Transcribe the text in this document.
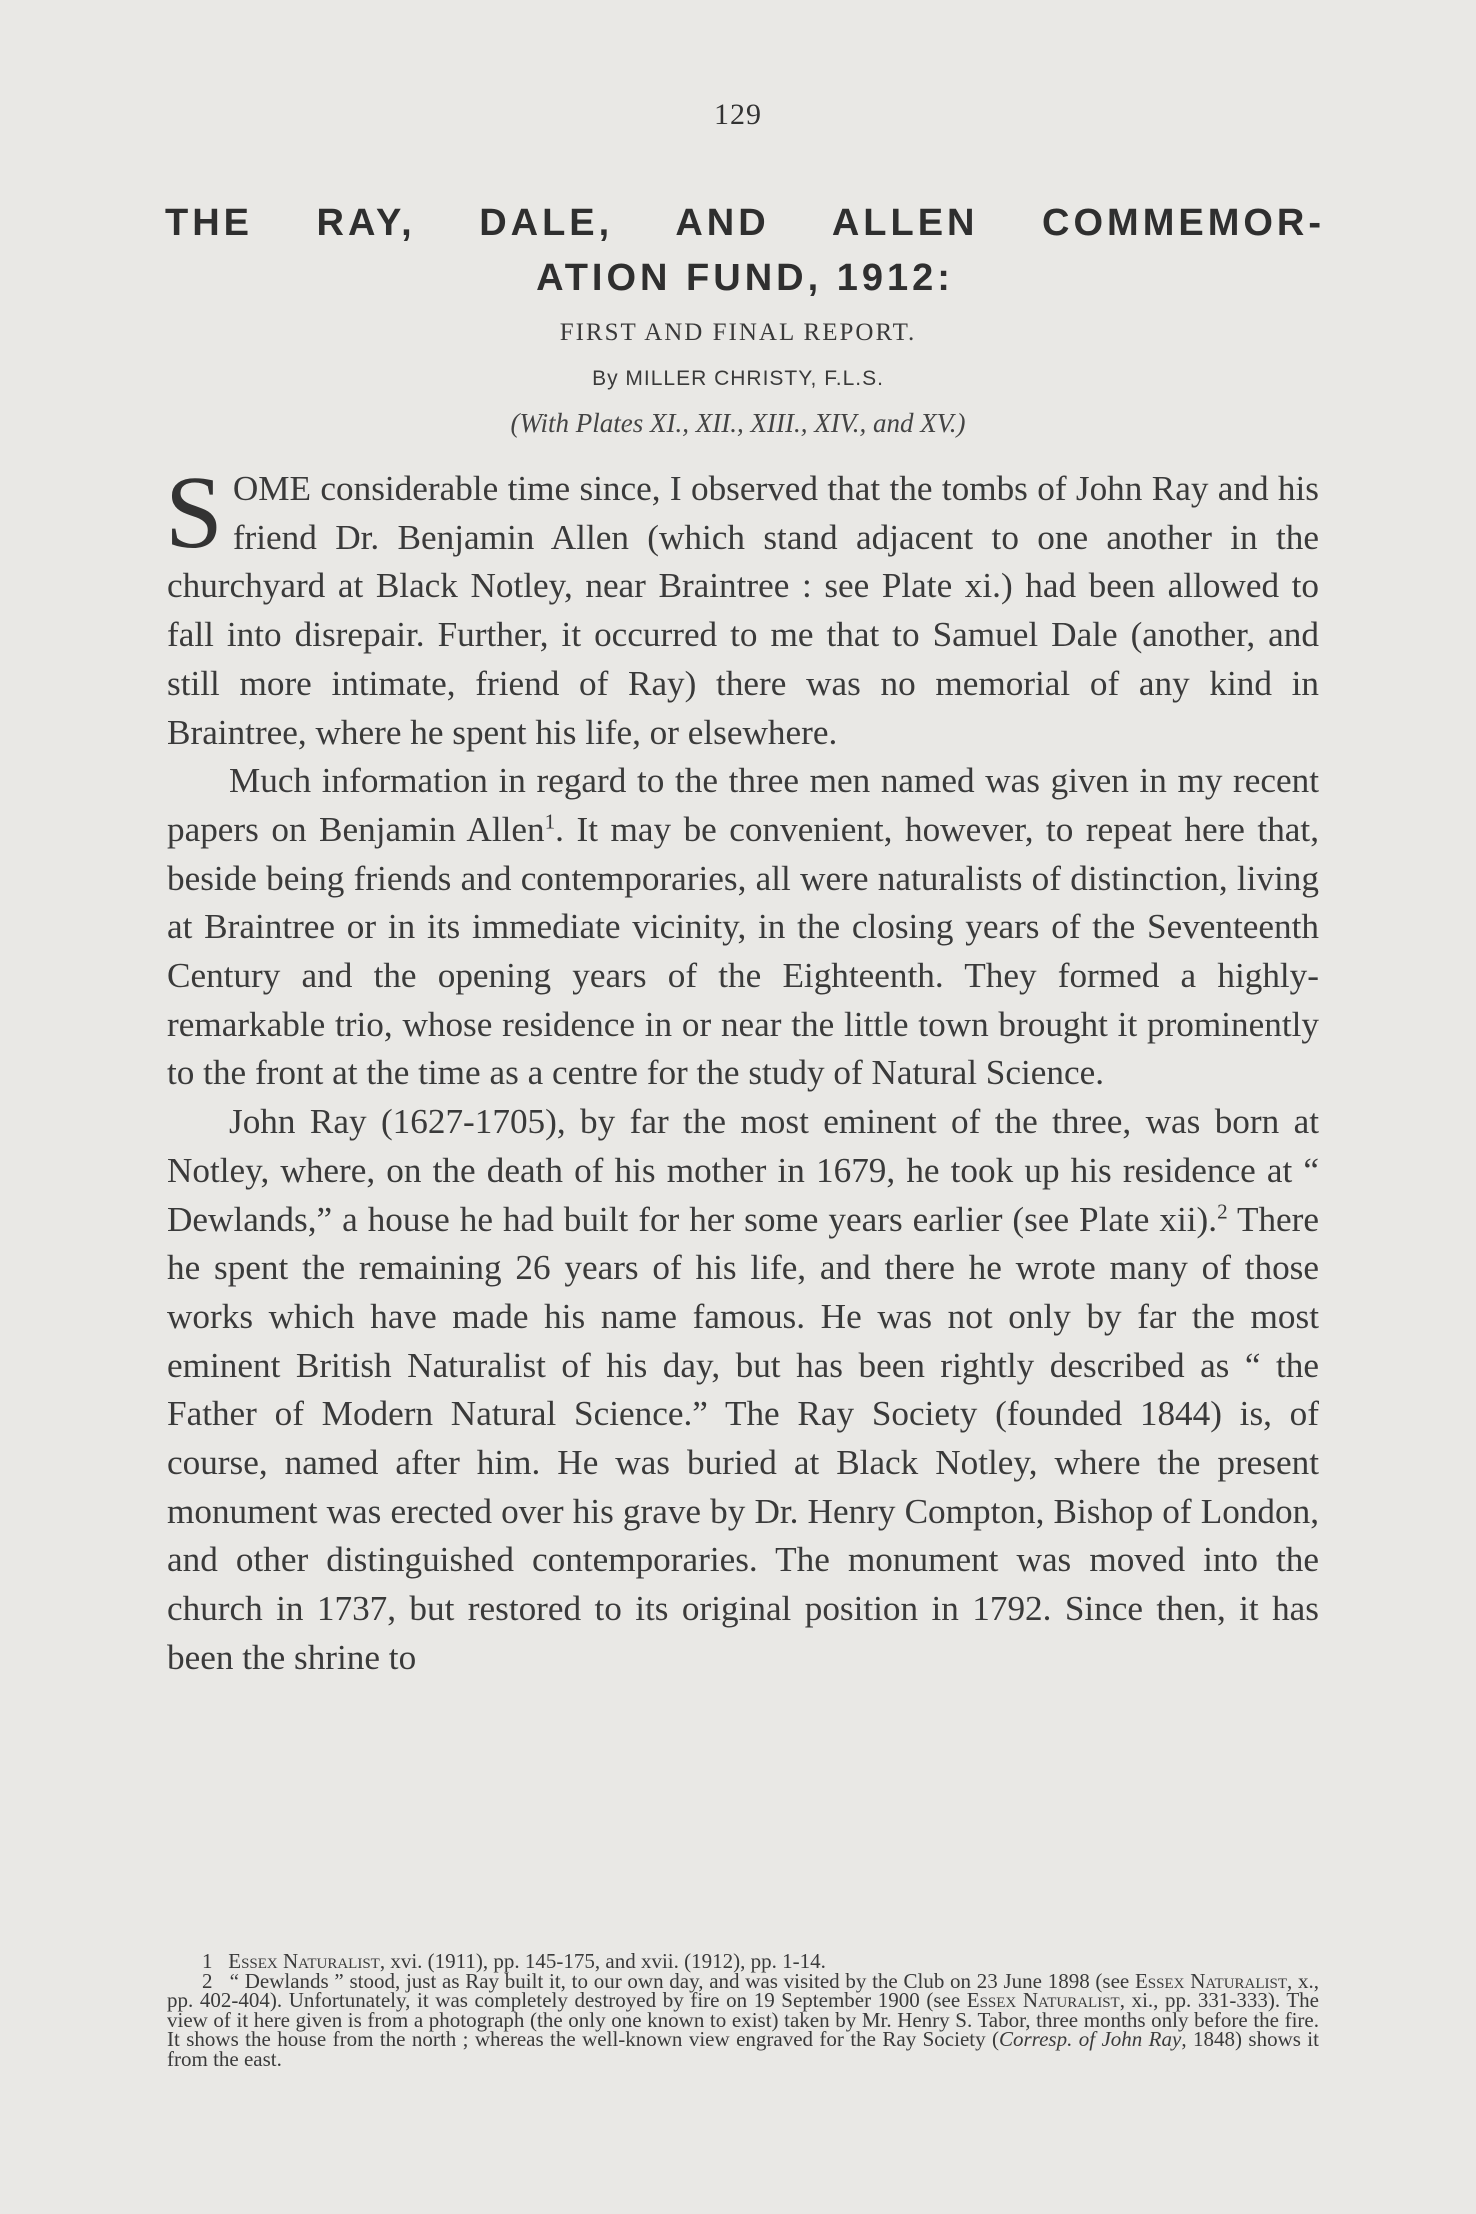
129
THE RAY, DALE, AND ALLEN COMMEMOR-
ATION FUND, 1912:
FIRST AND FINAL REPORT.
By MILLER CHRISTY, F.L.S.
(With Plates XI., XII., XIII., XIV., and XV.)

SOME considerable time since, I observed that the tombs of John Ray and his friend Dr. Benjamin Allen (which stand adjacent to one another in the churchyard at Black Notley, near Braintree : see Plate xi.) had been allowed to fall into disrepair. Further, it occurred to me that to Samuel Dale (another, and still more intimate, friend of Ray) there was no memorial of any kind in Braintree, where he spent his life, or elsewhere.

Much information in regard to the three men named was given in my recent papers on Benjamin Allen$^1$. It may be convenient, however, to repeat here that, beside being friends and contemporaries, all were naturalists of distinction, living at Braintree or in its immediate vicinity, in the closing years of the Seventeenth Century and the opening years of the Eighteenth. They formed a highly-remarkable trio, whose residence in or near the little town brought it prominently to the front at the time as a centre for the study of Natural Science.

John Ray (1627-1705), by far the most eminent of the three, was born at Notley, where, on the death of his mother in 1679, he took up his residence at “ Dewlands,” a house he had built for her some years earlier (see Plate xii).$^2$ There he spent the remaining 26 years of his life, and there he wrote many of those works which have made his name famous. He was not only by far the most eminent British Naturalist of his day, but has been rightly described as “ the Father of Modern Natural Science.” The Ray Society (founded 1844) is, of course, named after him. He was buried at Black Notley, where the present monument was erected over his grave by Dr. Henry Compton, Bishop of London, and other distinguished contemporaries. The monument was moved into the church in 1737, but restored to its original position in 1792. Since then, it has been the shrine to

1 Essex Naturalist, xvi. (1911), pp. 145-175, and xvii. (1912), pp. 1-14.

2 “ Dewlands ” stood, just as Ray built it, to our own day, and was visited by the Club on 23 June 1898 (see Essex Naturalist, x., pp. 402-404). Unfortunately, it was completely destroyed by fire on 19 September 1900 (see Essex Naturalist, xi., pp. 331-333). The view of it here given is from a photograph (the only one known to exist) taken by Mr. Henry S. Tabor, three months only before the fire. It shows the house from the north ; whereas the well-known view engraved for the Ray Society (Corresp. of John Ray, 1848) shows it from the east.
